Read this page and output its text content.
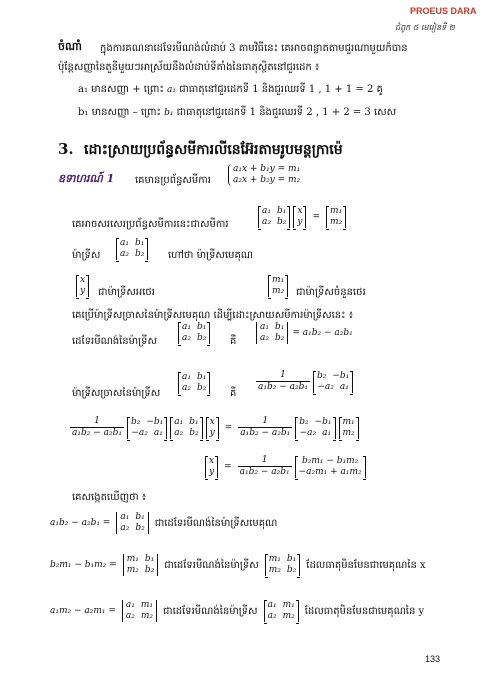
PROEUS DARA
ជំពូក ៥ មេរៀនទី ២
ចំណាំ ក្នុងការគណនាដេទែរមីណង់លំដាប់ 3 តាមវិធីនេះ គេអាចពន្លាតតាមជួរណាមួយក៏បាន
ប៉ុន្តែសញ្ញានៃតួនីមួយៗអាស្រ័យនឹងលំដាប់ទីតាំងនៃធាតុស្ថិតនៅជួរដេក ៖
a₁ មានសញ្ញា + ព្រោះ a₁ ជាធាតុនៅជួរដេកទី 1 និងជួរឈរទី 1 , 1 + 1 = 2 គូ
b₁ មានសញ្ញា – ព្រោះ b₁ ជាធាតុនៅជួរដេកទី 1 និងជួរឈរទី 2 , 1 + 2 = 3 សេស
3. ដោះស្រាយប្រព័ន្ធសមីការលីនេអ៊ែរតាមរូបមន្តក្រាម៉េ
ឧទាហរណ៍ 1 គេមានប្រព័ន្ធសមីការ
a₁x + b₁y = m₁
a₂x + b₂y = m₂
គេអាចសរសេរប្រព័ន្ធសមីការនេះជាសមីការ
a₁ b₁
a₂ b₂
x
y =
m₁
m₂
ម៉ាទ្រីស
a₁ b₁
a₂ b₂ ហៅថា ម៉ាទ្រីសមេគុណ
x
y ជាម៉ាទ្រីសអថេរ
m₁
m₂ ជាម៉ាទ្រីសចំនួនថេរ
គេប្រើម៉ាទ្រីសច្រាសនៃម៉ាទ្រីសមេគុណ ដើម្បីដោះស្រាយសមីការម៉ាទ្រីសនេះ ៖
ដេទែរមីណង់នៃម៉ាទ្រីស
a₁ b₁
a₂ b₂ គឺ
a₁ b₁
a₂ b₂ = a₁b₂ − a₂b₁
ម៉ាទ្រីសច្រាសនៃម៉ាទ្រីស
a₁ b₁
a₂ b₂ គឺ
$\frac{1}{\text{a₁b₂ − a₂b₁}} b_2 -b_1$
−a₂ a₁
$\frac{1}{\text{a₁b₂ − a₂b₁}} b_2 -b_1$
−a₂ a₁
a₁ b₁
a₂ b₂
x
$y = \frac{1}{\text{a₁b₂ − a₂b₁}} b_2 -b_1$
−a₂ a₁
m₁
m₂
x
$y = \frac{1}{\text{a₁b₂ − a₂b₁}} b_2m_1 - b_1m_2$
−a₂m₁ + a₁m₂
គេសង្កេតឃើញថា ៖
a₁b₂ − a₂b₁ =
a₁ b₁
a₂ b₂ ជាដេទែរមីណង់នៃម៉ាទ្រីសមេគុណ
b₂m₁ − b₁m₂ =
m₁ b₁
m₂ b₂ ជាដេទែរមីណង់នៃម៉ាទ្រីស
m₁ b₁
m₂ b₂ ដែលធាតុមិនមែនជាមេគុណនៃ x
a₁m₂ − a₂m₁ =
a₁ m₁
a₂ m₂ ជាដេទែរមីណង់នៃម៉ាទ្រីស
a₁ m₁
a₂ m₂ ដែលធាតុមិនមែនជាមេគុណនៃ y
133
